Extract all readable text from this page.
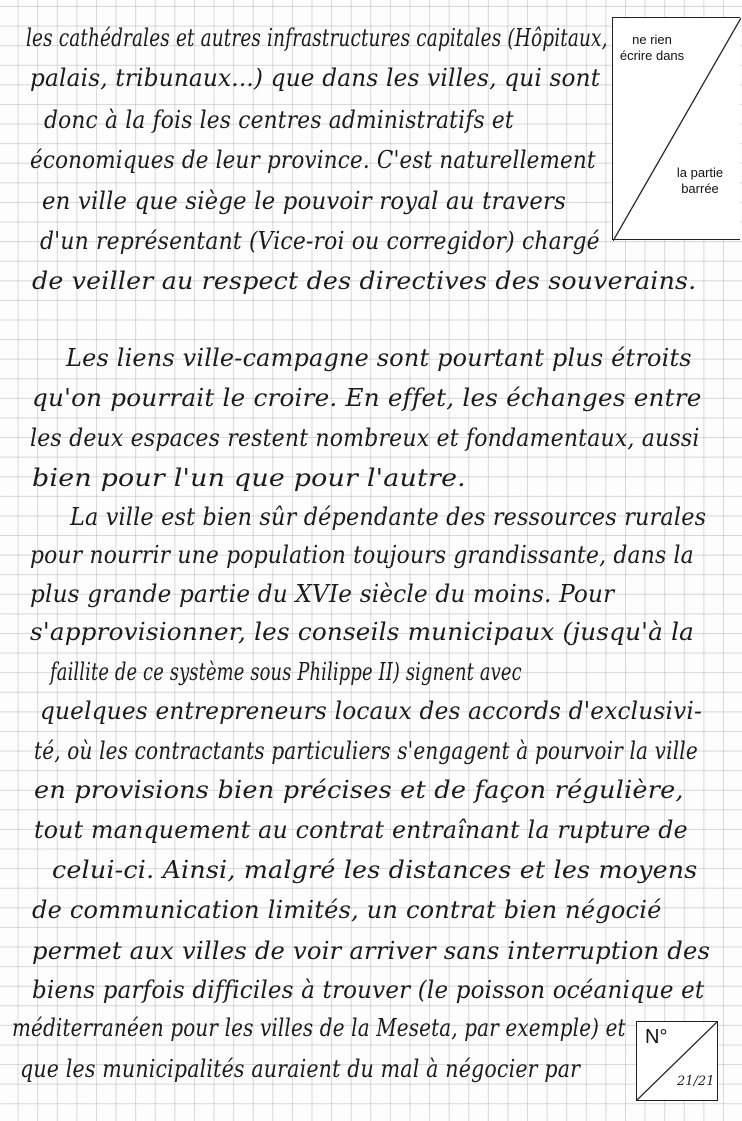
les cathédrales et autres infrastructures capitales (Hôpitaux,
palais, tribunaux...) que dans les villes, qui sont
donc à la fois les centres administratifs et
économiques de leur province. C'est naturellement
en ville que siège le pouvoir royal au travers
d'un représentant (Vice-roi ou corregidor) chargé
de veiller au respect des directives des souverains.
Les liens ville-campagne sont pourtant plus étroits
qu'on pourrait le croire. En effet, les échanges entre
les deux espaces restent nombreux et fondamentaux, aussi
bien pour l'un que pour l'autre.
La ville est bien sûr dépendante des ressources rurales
pour nourrir une population toujours grandissante, dans la
plus grande partie du XVIe siècle du moins. Pour
s'approvisionner, les conseils municipaux (jusqu'à la
faillite de ce système sous Philippe II) signent avec
quelques entrepreneurs locaux des accords d'exclusivi-
té, où les contractants particuliers s'engagent à pourvoir la ville
en provisions bien précises et de façon régulière,
tout manquement au contrat entraînant la rupture de
celui-ci. Ainsi, malgré les distances et les moyens
de communication limités, un contrat bien négocié
permet aux villes de voir arriver sans interruption des
biens parfois difficiles à trouver (le poisson océanique et
méditerranéen pour les villes de la Meseta, par exemple) et
que les municipalités auraient du mal à négocier par
ne rien écrire dans
la partie barrée
N°
21/21
